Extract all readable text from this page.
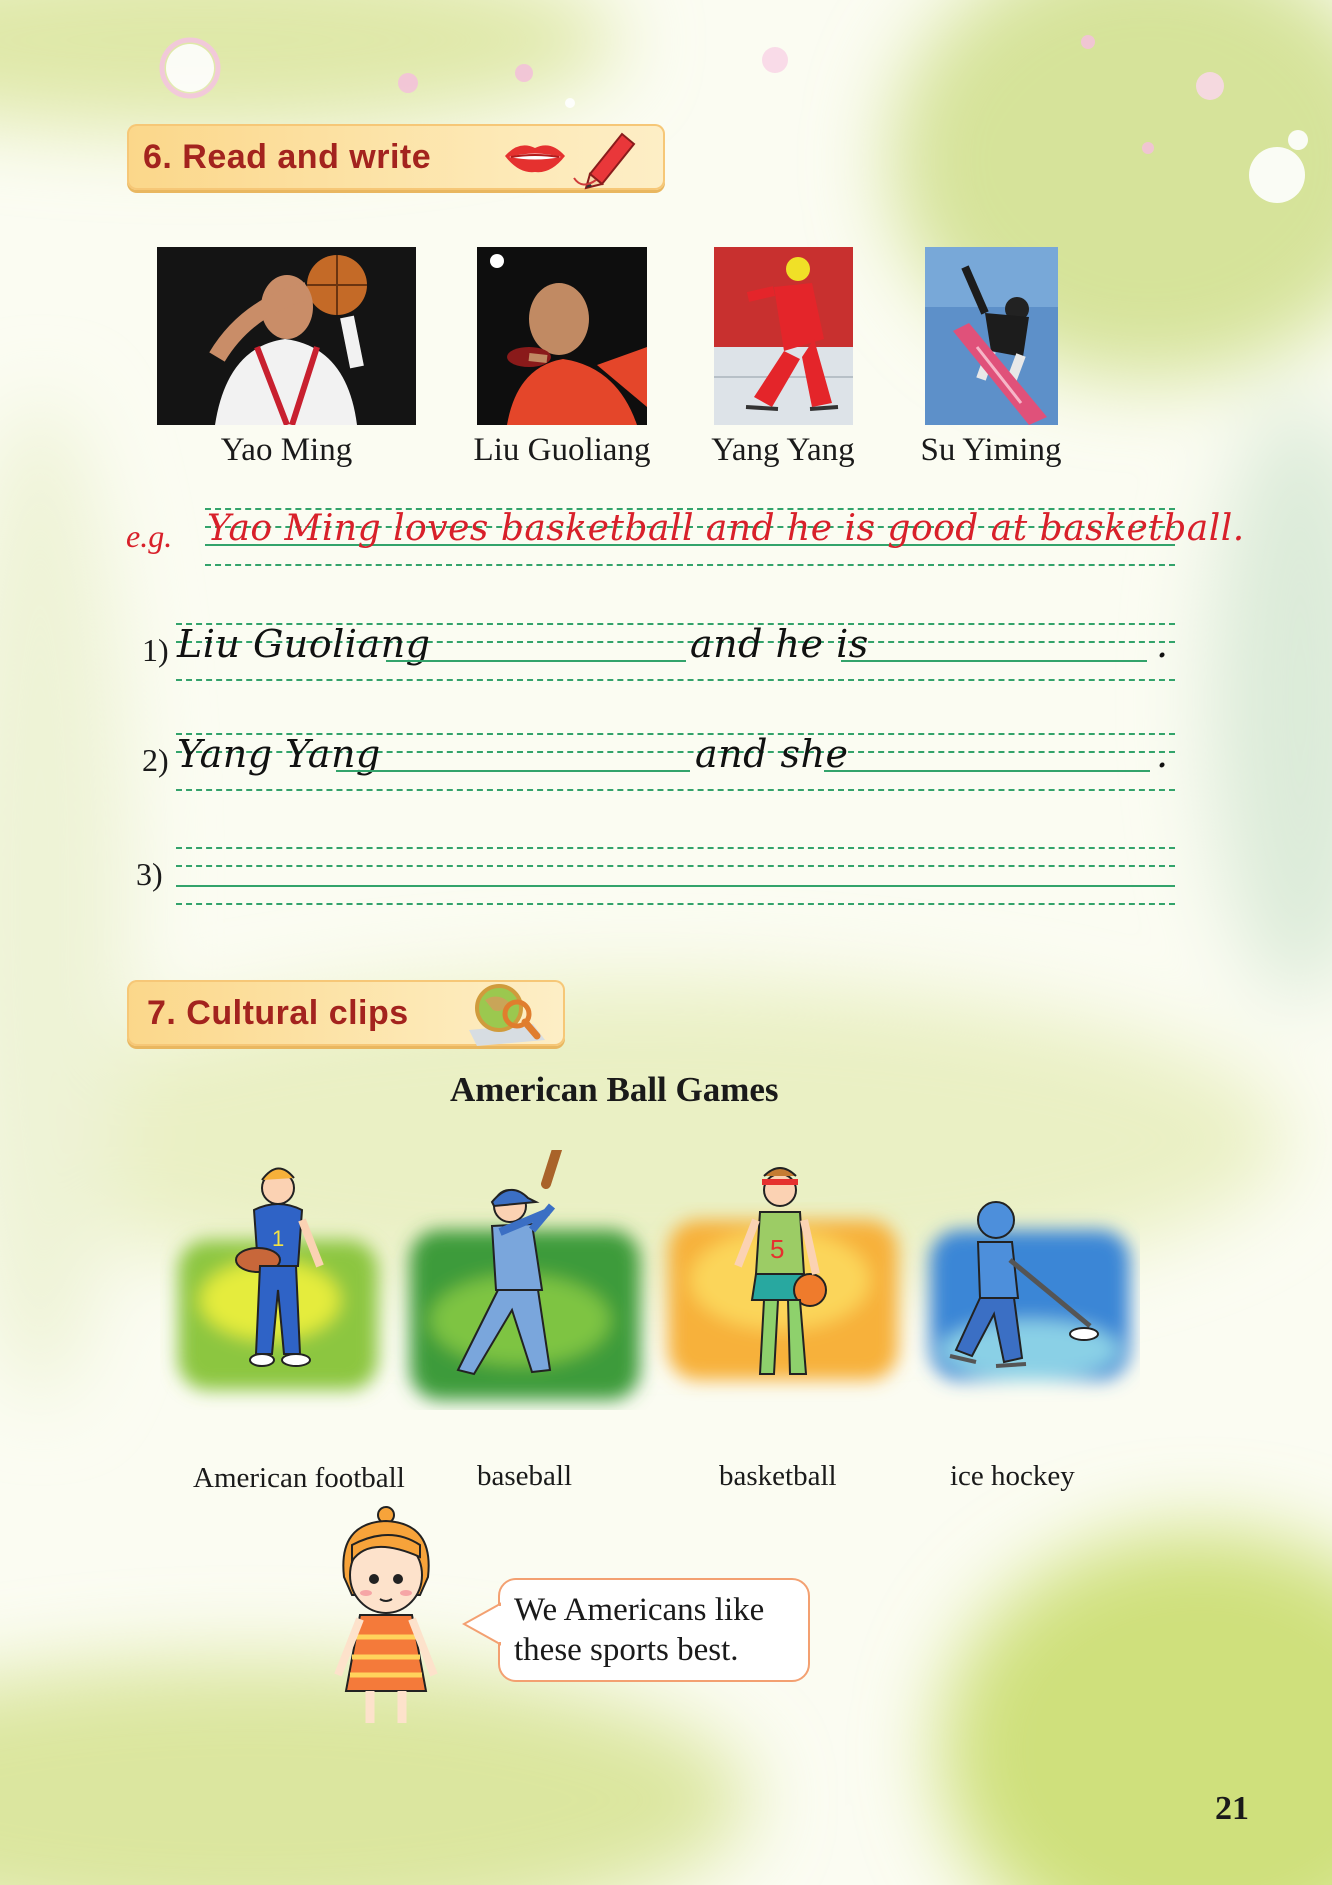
6. Read and write
Yao Ming	Liu Guoliang	Yang Yang	Su Yiming
e.g. Yao Ming loves basketball and he is good at basketball.
1) Liu Guoliang	and he is	.
2) Yang Yang	and she	.
3)
7. Cultural clips
American Ball Games
1	5
American football baseball	basketball	ice hockey
We Americans like
these sports best.
21
